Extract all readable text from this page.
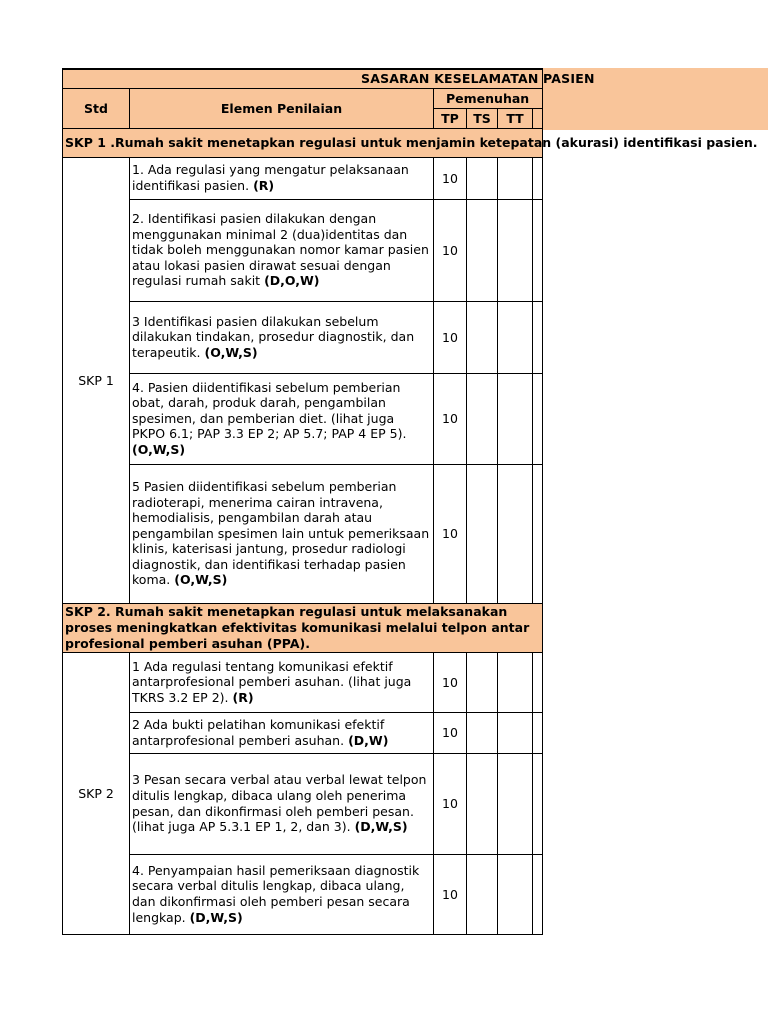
SASARAN KESELAMATAN PASIEN					
Std	Elemen Penilaian	Pemenuhan			
		TP	TS	TT	
SKP 1 .Rumah sakit menetapkan regulasi untuk menjamin ketepatan (akurasi) identifikasi pasien.					
SKP 1	1. Ada regulasi yang mengatur pelaksanaan identifikasi pasien. (R)	10			
	2. Identifikasi pasien dilakukan dengan menggunakan minimal 2 (dua)identitas dan tidak boleh menggunakan nomor kamar pasien atau lokasi pasien dirawat sesuai dengan regulasi rumah sakit (D,O,W)	10			
	3 Identifikasi pasien dilakukan sebelum dilakukan tindakan, prosedur diagnostik, dan terapeutik. (O,W,S)	10			
	4. Pasien diidentifikasi sebelum pemberian obat, darah, produk darah, pengambilan spesimen, dan pemberian diet. (lihat juga PKPO 6.1; PAP 3.3 EP 2; AP 5.7; PAP 4 EP 5). (O,W,S)	10			
	5 Pasien diidentifikasi sebelum pemberian radioterapi, menerima cairan intravena, hemodialisis, pengambilan darah atau pengambilan spesimen lain untuk pemeriksaan klinis, katerisasi jantung, prosedur radiologi diagnostik, dan identifikasi terhadap pasien koma. (O,W,S)	10			
SKP 2. Rumah sakit menetapkan regulasi untuk melaksanakan proses meningkatkan efektivitas komunikasi melalui telpon antar profesional pemberi asuhan (PPA).					
SKP 2	1 Ada regulasi tentang komunikasi efektif antarprofesional pemberi asuhan. (lihat juga TKRS 3.2 EP 2). (R)	10			
	2 Ada bukti pelatihan komunikasi efektif antarprofesional pemberi asuhan. (D,W)	10			
	3 Pesan secara verbal atau verbal lewat telpon ditulis lengkap, dibaca ulang oleh penerima pesan, dan dikonfirmasi oleh pemberi pesan. (lihat juga AP 5.3.1 EP 1, 2, dan 3). (D,W,S)	10			
	4. Penyampaian hasil pemeriksaan diagnostik secara verbal ditulis lengkap, dibaca ulang, dan dikonfirmasi oleh pemberi pesan secara lengkap. (D,W,S)	10			
